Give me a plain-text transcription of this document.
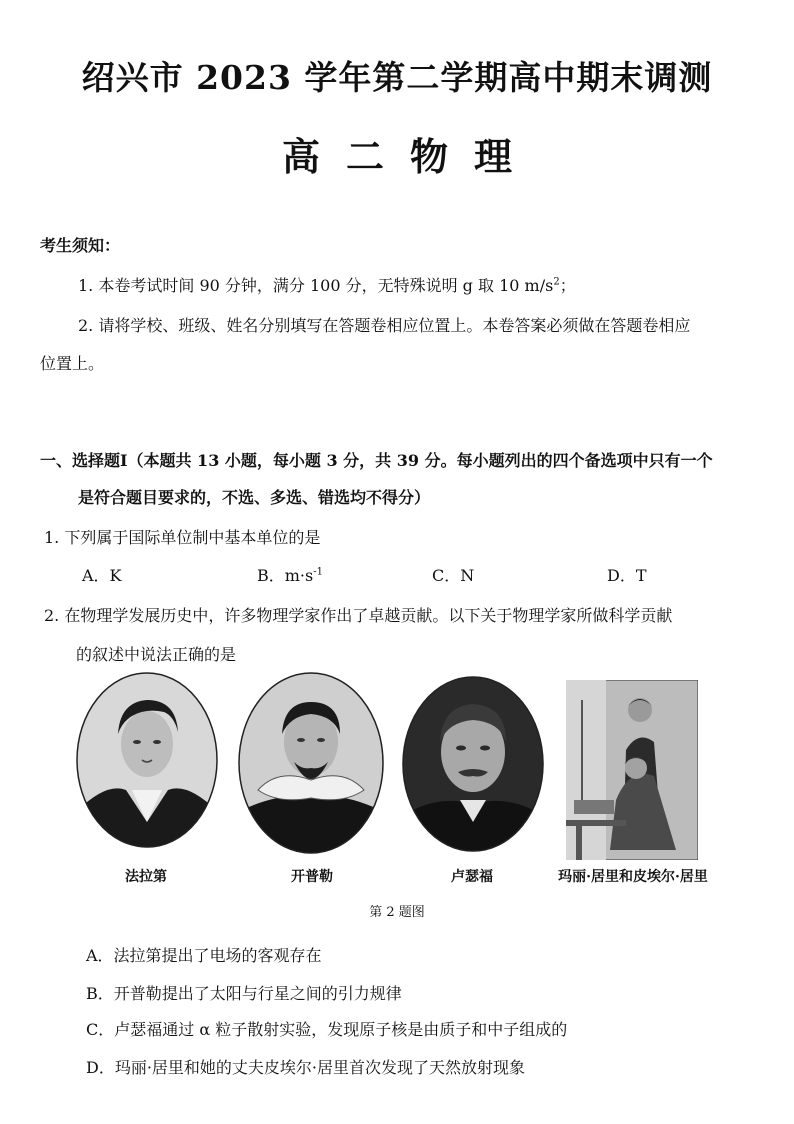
绍兴市 2023 学年第二学期高中期末调测
高二物理
考生须知：
1. 本卷考试时间 90 分钟，满分 100 分，无特殊说明 g 取 10 $m/s^2$；
2. 请将学校、班级、姓名分别填写在答题卷相应位置上。本卷答案必须做在答题卷相应
位置上。
一、选择题Ⅰ（本题共 13 小题，每小题 3 分，共 39 分。每小题列出的四个备选项中只有一个
是符合题目要求的，不选、多选、错选均不得分）
1. 下列属于国际单位制中基本单位的是
A．K	B．$m\cdot s^{-1}$	C．N	D．T
2. 在物理学发展历史中，许多物理学家作出了卓越贡献。以下关于物理学家所做科学贡献
的叙述中说法正确的是
法拉第	开普勒	卢瑟福	玛丽·居里和皮埃尔·居里
第 2 题图
A．法拉第提出了电场的客观存在
B．开普勒提出了太阳与行星之间的引力规律
C．卢瑟福通过 α 粒子散射实验，发现原子核是由质子和中子组成的
D．玛丽·居里和她的丈夫皮埃尔·居里首次发现了天然放射现象
